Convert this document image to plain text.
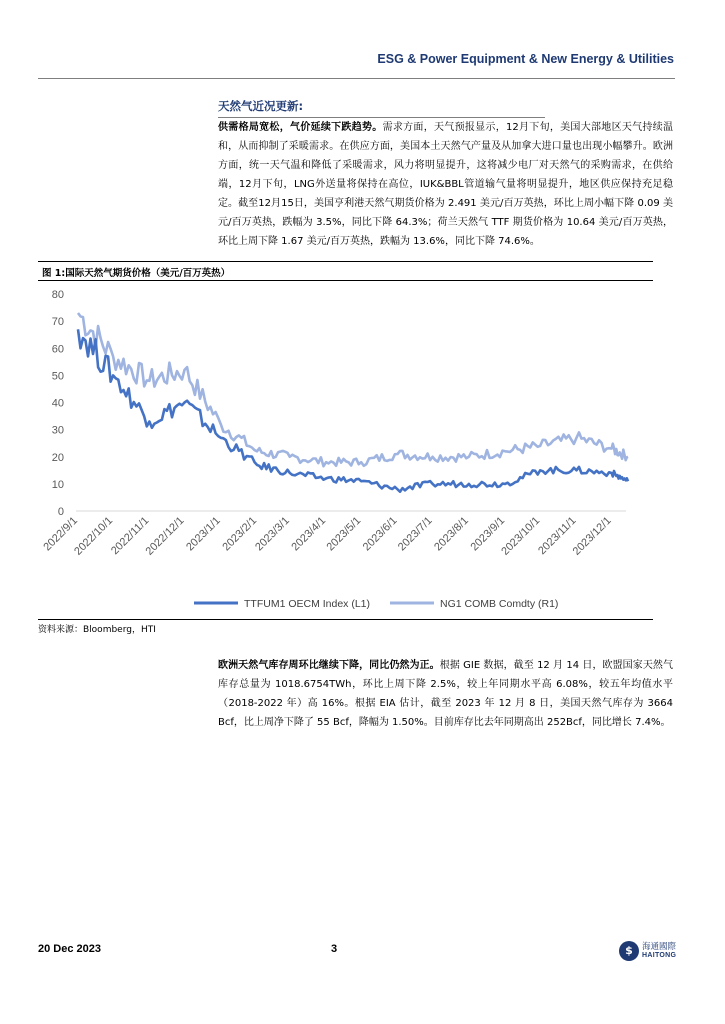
ESG & Power Equipment & New Energy & Utilities
天然气近况更新:

供需格局宽松，气价延续下跌趋势。需求方面，天气预报显示，12月下旬，美国大部地区天气持续温和，从而抑制了采暖需求。在供应方面，美国本土天然气产量及从加拿大进口量也出现小幅攀升。欧洲方面，统一天气温和降低了采暖需求，风力将明显提升，这将减少电厂对天然气的采购需求，在供给端，12月下旬，LNG外送量将保持在高位，IUK&BBL管道输气量将明显提升，地区供应保持充足稳定。截至12月15日，美国亨利港天然气期货价格为 2.491 美元/百万英热，环比上周小幅下降 0.09 美元/百万英热，跌幅为 3.5%，同比下降 64.3%；荷兰天然气 TTF 期货价格为 10.64 美元/百万英热，环比上周下降 1.67 美元/百万英热，跌幅为 13.6%，同比下降 74.6%。

图 1:国际天然气期货价格（美元/百万英热）
0
10
20
30
40
50
60
70
80
2022/9/1
2022/10/1
2022/11/1
2022/12/1
2023/1/1
2023/2/1
2023/3/1
2023/4/1
2023/5/1
2023/6/1
2023/7/1
2023/8/1
2023/9/1
2023/10/1
2023/11/1
2023/12/1
TTFUM1 OECM Index (L1)	NG1 COMB Comdty (R1)
资料来源：Bloomberg，HTI

欧洲天然气库存周环比继续下降，同比仍然为正。根据 GIE 数据，截至 12 月 14 日，欧盟国家天然气库存总量为 1018.6754TWh，环比上周下降 2.5%，较上年同期水平高 6.08%，较五年均值水平（2018-2022 年）高 16%。根据 EIA 估计，截至 2023 年 12 月 8 日，美国天然气库存为 3664 Bcf，比上周净下降了 55 Bcf，降幅为 1.50%。目前库存比去年同期高出 252Bcf，同比增长 7.4%。

20 Dec 2023	3	$	海通國際
HAITONG
